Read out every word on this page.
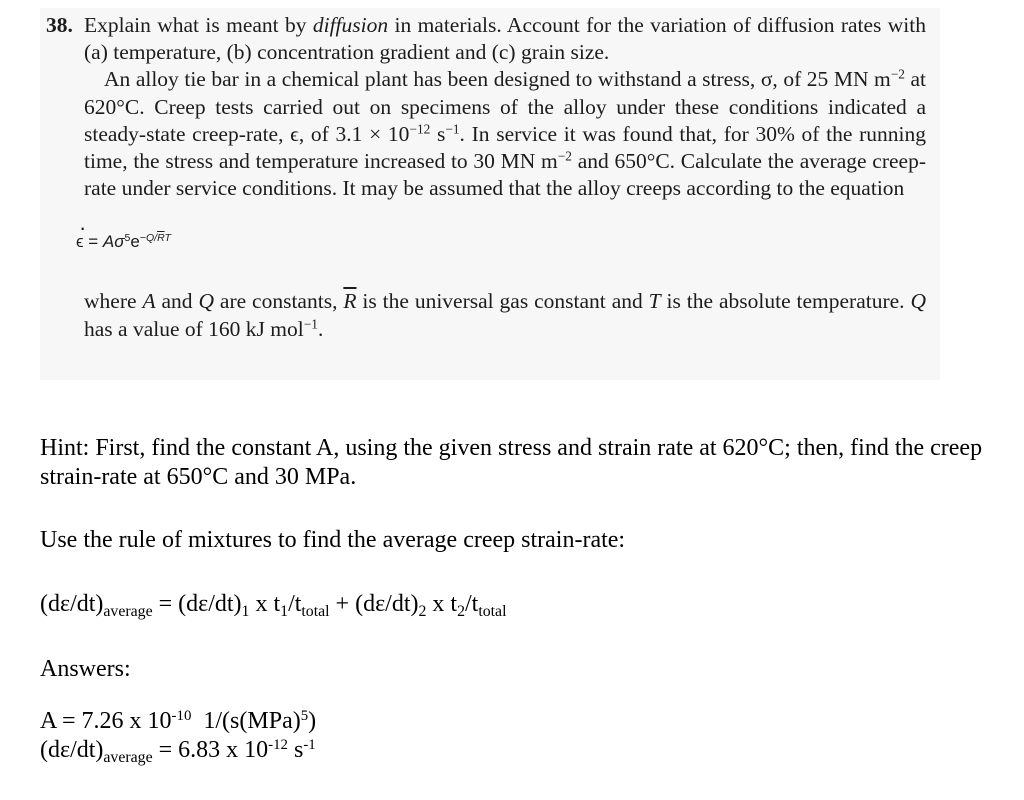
38. Explain what is meant by diffusion in materials. Account for the variation of diffusion rates with (a) temperature, (b) concentration gradient and (c) grain size.
An alloy tie bar in a chemical plant has been designed to withstand a stress, σ, of 25 MN $m^{-2}$ at 620°C. Creep tests carried out on specimens of the alloy under these conditions indicated a steady-state creep-rate, ϵ, of $3.1 \times 10^{-12}$ $s^{-1}$. In service it was found that, for 30% of the running time, the stress and temperature increased to 30 MN $m^{-2}$ and 650°C. Calculate the average creep-rate under service conditions. It may be assumed that the alloy creeps according to the equation
· $\epsilon = A\sigma^5e^{-Q/\overline{R}T}$
where A and Q are constants, $\overline{R}$ is the universal gas constant and T is the absolute temperature. Q has a value of 160 kJ mol$^{-1}$.
Hint: First, find the constant A, using the given stress and strain rate at 620°C; then, find the creep strain-rate at 650°C and 30 MPa.
Use the rule of mixtures to find the average creep strain-rate:
$(d\varepsilon/dt)_{average} = (d\varepsilon/dt)_1$ x $t_1/t_{total} + (d\varepsilon/dt)_2$ x $t_2/t_{total}$
Answers:
A = 7.26 x $10^{-10}$  1/(s(MPa)$^5$)
$(d\varepsilon/dt)_{average} = 6.83$ x $10^{-12}$ $s^{-1}$
